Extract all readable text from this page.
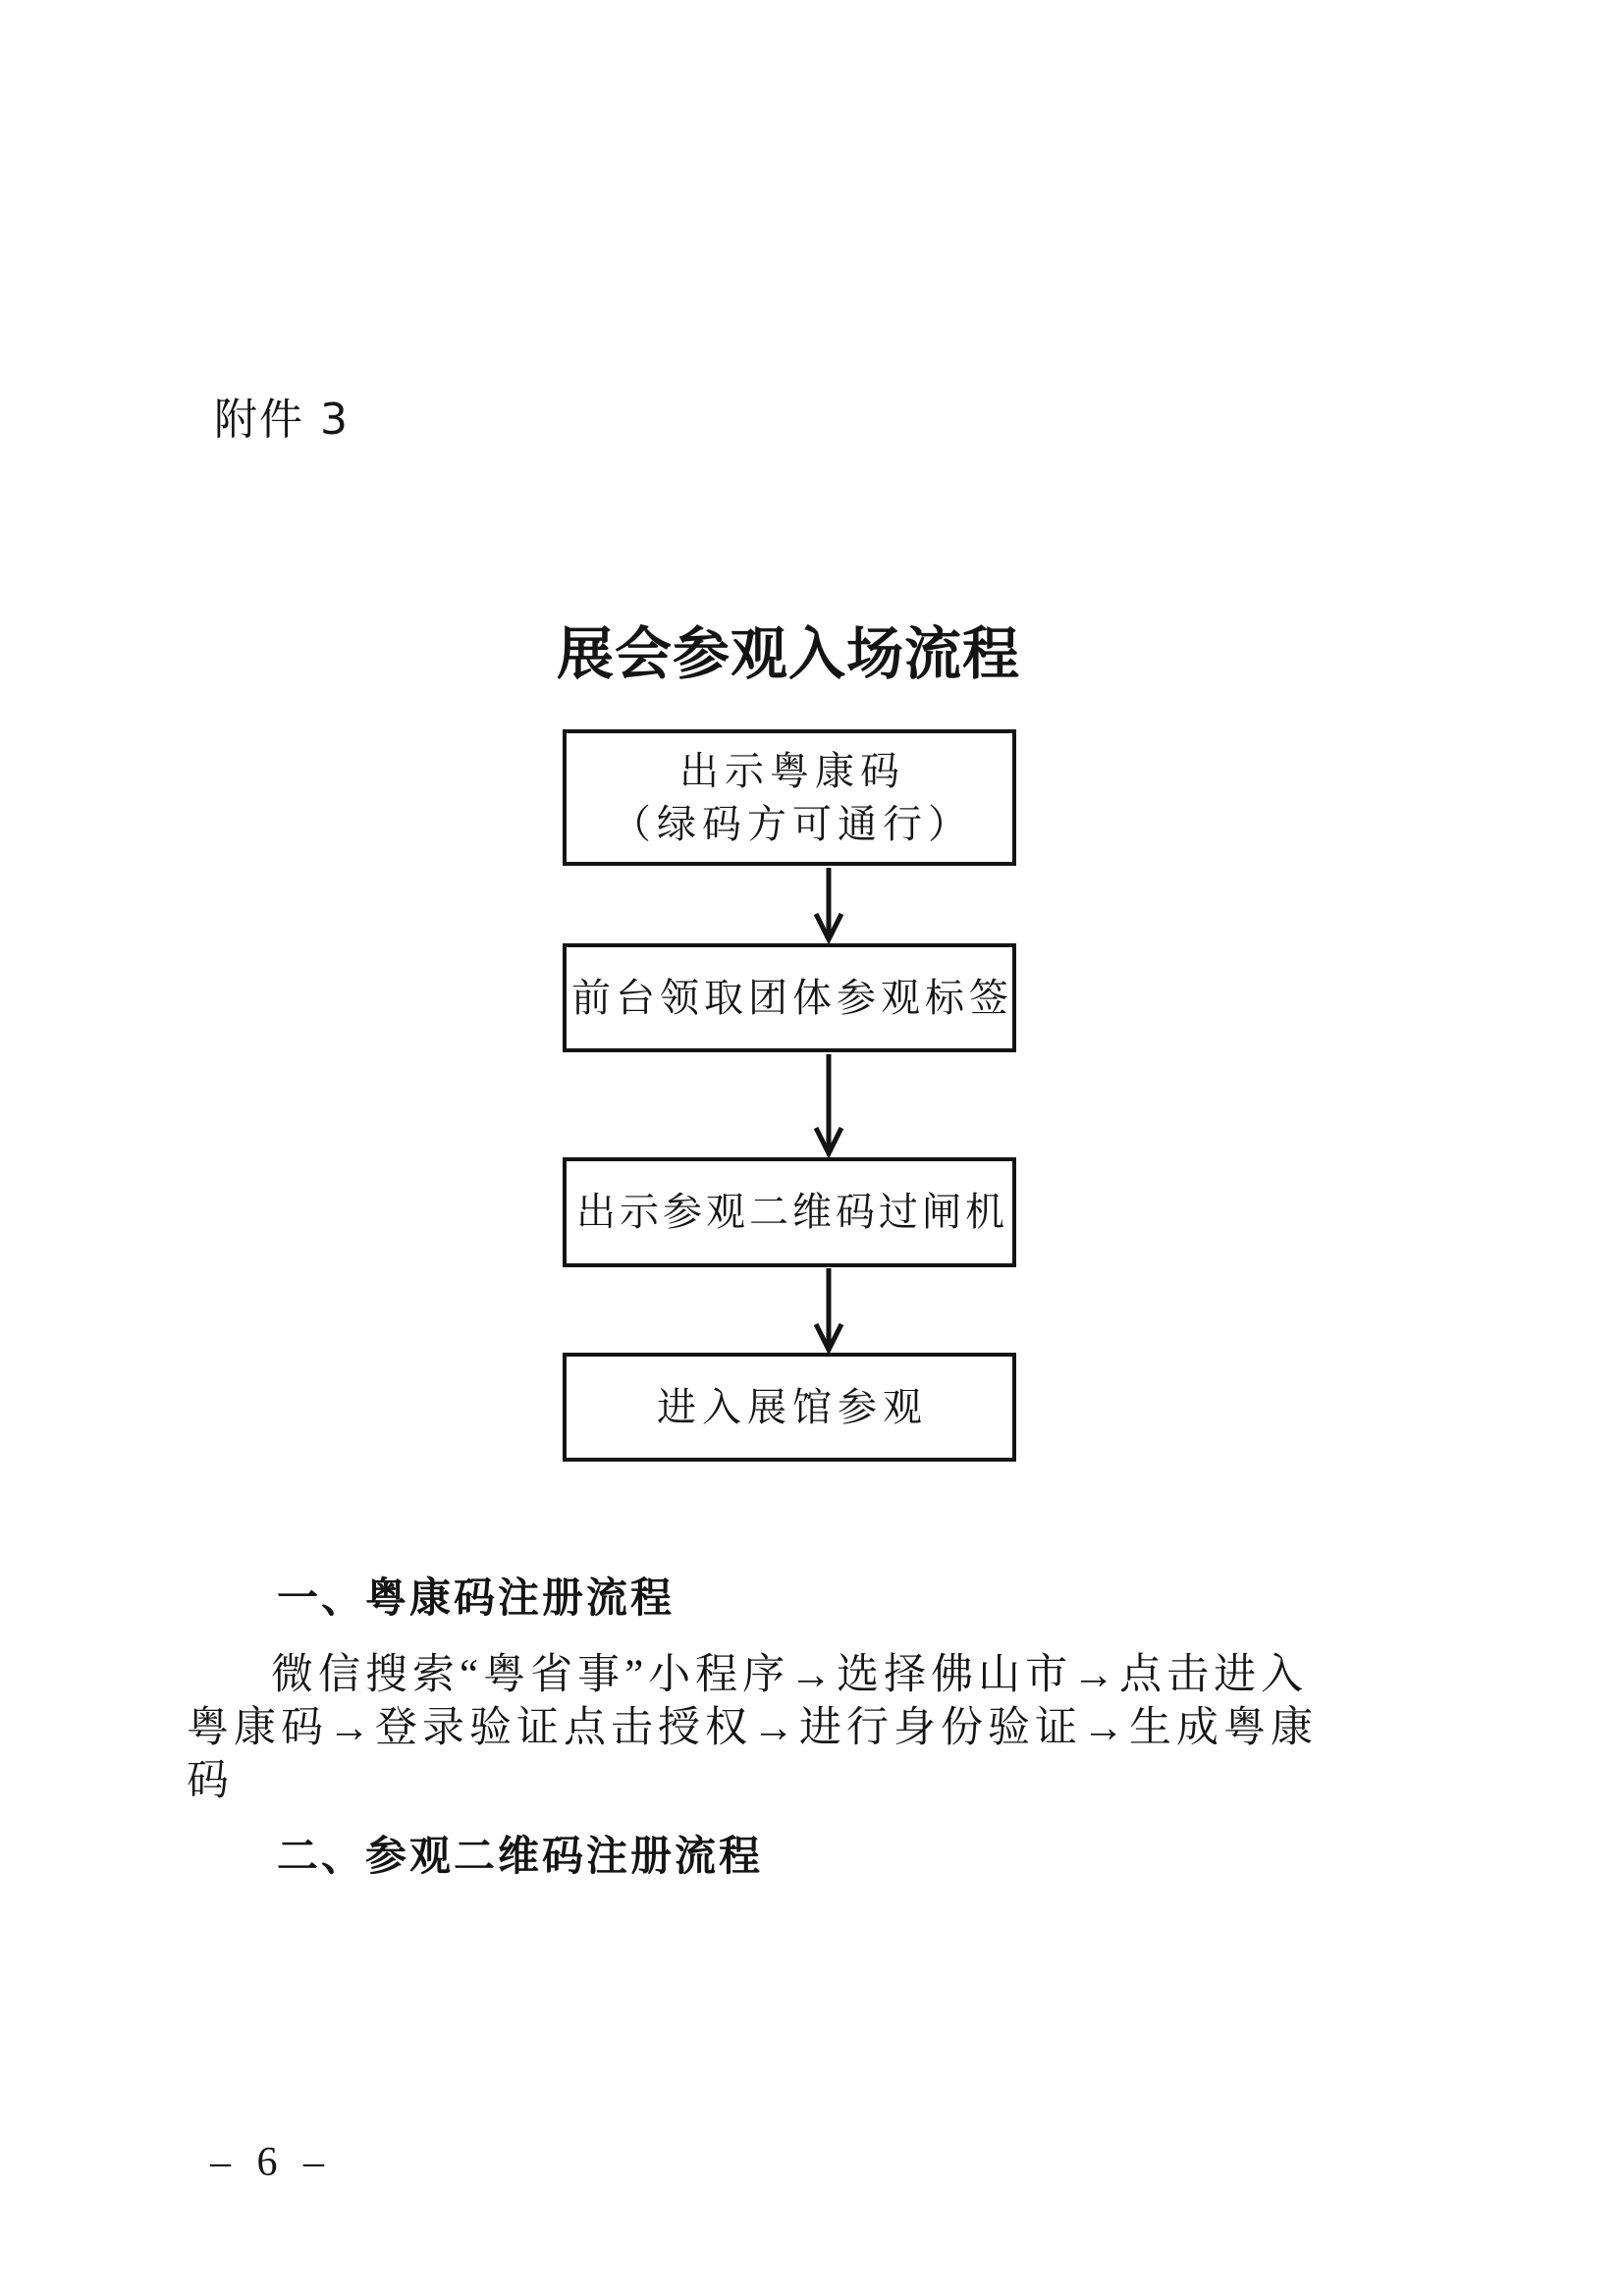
附件 3
展会参观入场流程
出示粤康码
（绿码方可通行）
前台领取团体参观标签
出示参观二维码过闸机
进入展馆参观
一、粤康码注册流程
微信搜索“粤省事”小程序→选择佛山市→点击进入
粤康码→登录验证点击授权→进行身份验证→生成粤康
码
二、参观二维码注册流程
– 6 –
